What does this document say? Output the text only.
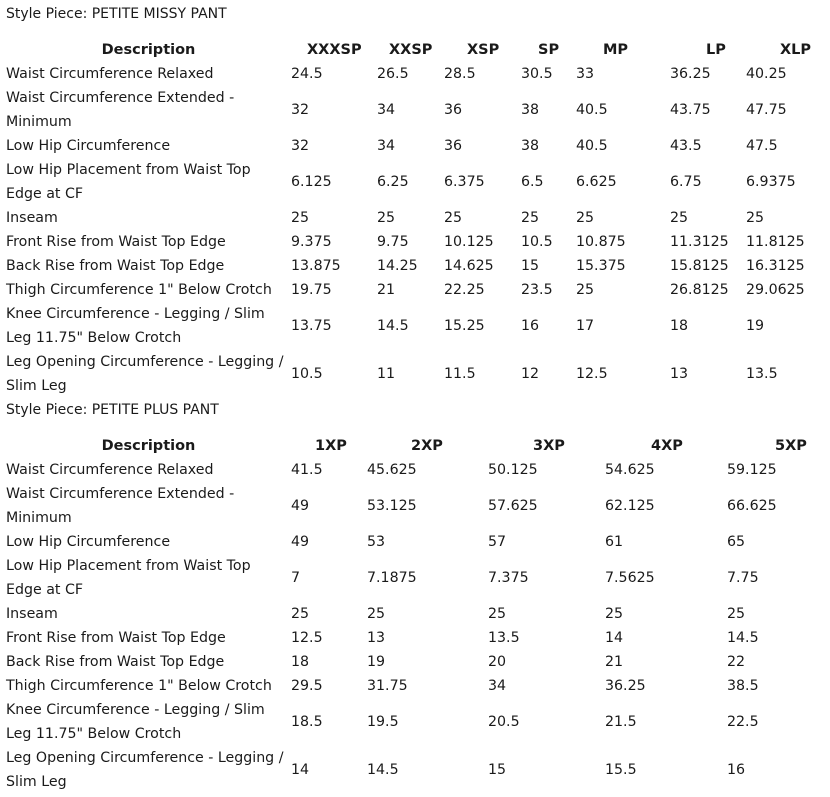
Style Piece: PETITE MISSY PANT
Description	XXXSP	XXSP	XSP	SP	MP	LP	XLP
Waist Circumference Relaxed	24.5	26.5	28.5	30.5	33	36.25	40.25
Waist Circumference Extended - Minimum	32	34	36	38	40.5	43.75	47.75
Low Hip Circumference	32	34	36	38	40.5	43.5	47.5
Low Hip Placement from Waist Top Edge at CF	6.125	6.25	6.375	6.5	6.625	6.75	6.9375
Inseam	25	25	25	25	25	25	25
Front Rise from Waist Top Edge	9.375	9.75	10.125	10.5	10.875	11.3125	11.8125
Back Rise from Waist Top Edge	13.875	14.25	14.625	15	15.375	15.8125	16.3125
Thigh Circumference 1" Below Crotch	19.75	21	22.25	23.5	25	26.8125	29.0625
Knee Circumference - Legging / Slim Leg 11.75" Below Crotch	13.75	14.5	15.25	16	17	18	19
Leg Opening Circumference - Legging / Slim Leg	10.5	11	11.5	12	12.5	13	13.5
Style Piece: PETITE PLUS PANT
Description	1XP	2XP	3XP	4XP	5XP
Waist Circumference Relaxed	41.5	45.625	50.125	54.625	59.125
Waist Circumference Extended - Minimum	49	53.125	57.625	62.125	66.625
Low Hip Circumference	49	53	57	61	65
Low Hip Placement from Waist Top Edge at CF	7	7.1875	7.375	7.5625	7.75
Inseam	25	25	25	25	25
Front Rise from Waist Top Edge	12.5	13	13.5	14	14.5
Back Rise from Waist Top Edge	18	19	20	21	22
Thigh Circumference 1" Below Crotch	29.5	31.75	34	36.25	38.5
Knee Circumference - Legging / Slim Leg 11.75" Below Crotch	18.5	19.5	20.5	21.5	22.5
Leg Opening Circumference - Legging / Slim Leg	14	14.5	15	15.5	16
